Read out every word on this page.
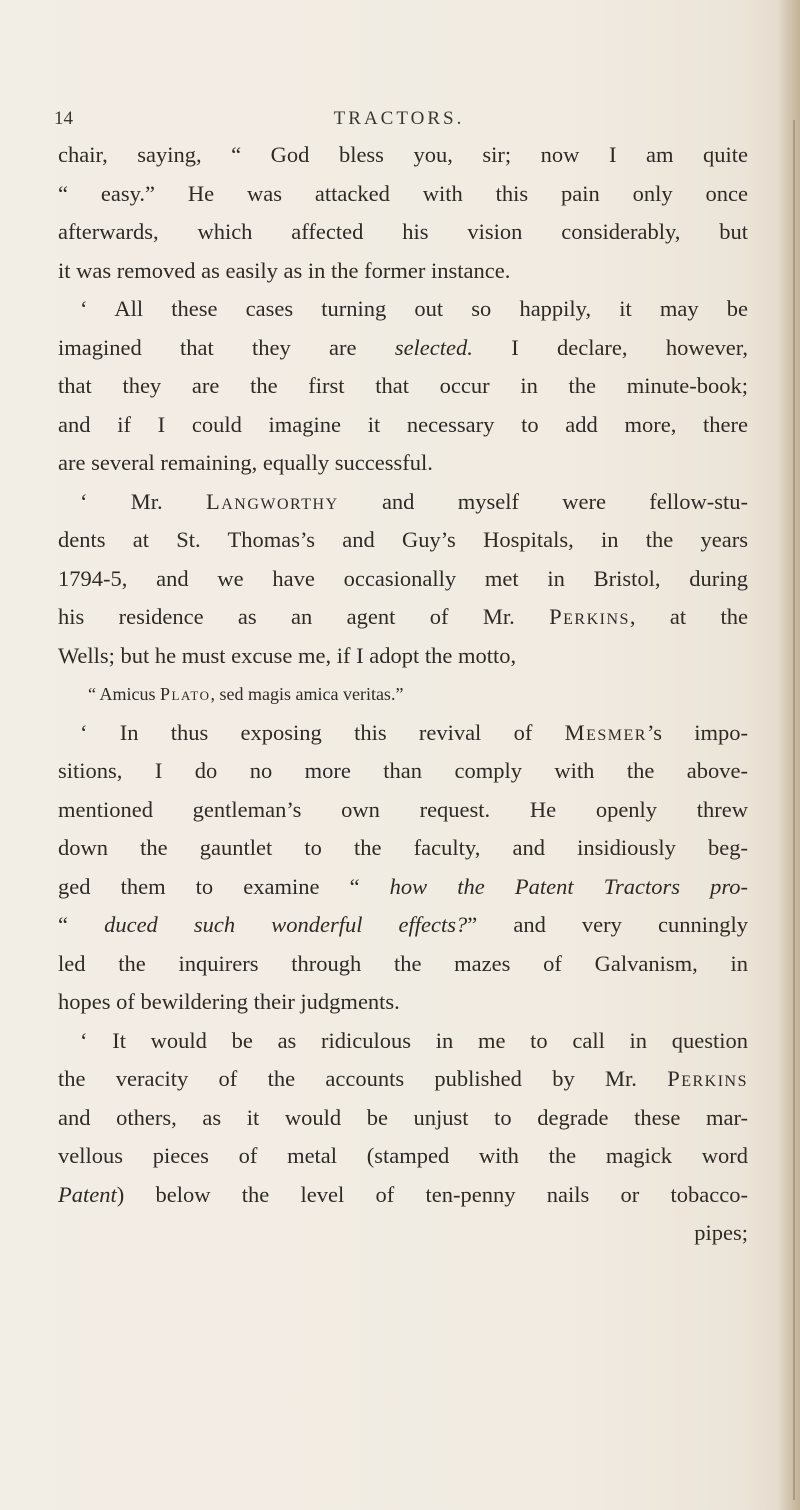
14	TRACTORS.
chair, saying, “ God bless you, sir; now I am quite
“ easy.” He was attacked with this pain only once
afterwards, which affected his vision considerably, but
it was removed as easily as in the former instance.
‘ All these cases turning out so happily, it may be
imagined that they are selected. I declare, however,
that they are the first that occur in the minute-book;
and if I could imagine it necessary to add more, there
are several remaining, equally successful.
‘ Mr. Langworthy and myself were fellow-stu-
dents at St. Thomas’s and Guy’s Hospitals, in the years
1794-5, and we have occasionally met in Bristol, during
his residence as an agent of Mr. Perkins, at the
Wells; but he must excuse me, if I adopt the motto,
“ Amicus Plato, sed magis amica veritas.”
‘ In thus exposing this revival of Mesmer’s impo-
sitions, I do no more than comply with the above-
mentioned gentleman’s own request. He openly threw
down the gauntlet to the faculty, and insidiously beg-
ged them to examine “ how the Patent Tractors pro-
“ duced such wonderful effects?” and very cunningly
led the inquirers through the mazes of Galvanism, in
hopes of bewildering their judgments.
‘ It would be as ridiculous in me to call in question
the veracity of the accounts published by Mr. Perkins
and others, as it would be unjust to degrade these mar-
vellous pieces of metal (stamped with the magick word
Patent) below the level of ten-penny nails or tobacco-
pipes;
